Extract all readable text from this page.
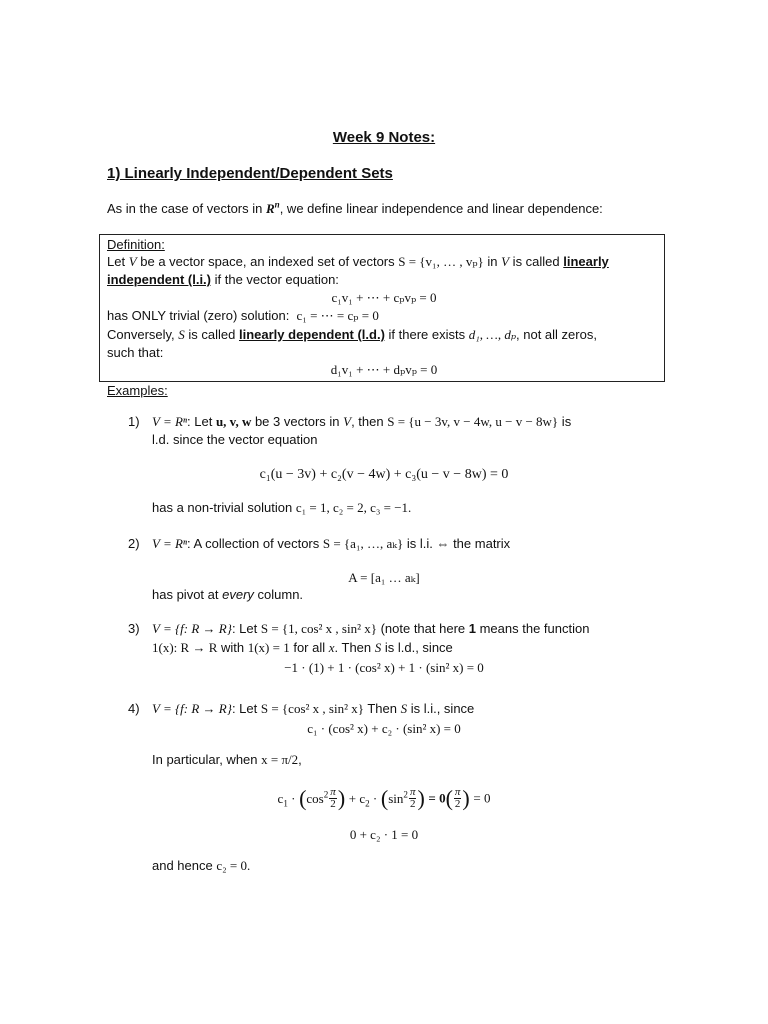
Week 9 Notes:
1) Linearly Independent/Dependent Sets
As in the case of vectors in $R^n$, we define linear independence and linear dependence:
Definition:
Let V be a vector space, an indexed set of vectors S = {v₁, … , vₚ} in V is called linearly
independent (l.i.) if the vector equation:
c₁v₁ + ⋯ + cₚvₚ = 0
has ONLY trivial (zero) solution: c₁ = ⋯ = cₚ = 0
Conversely, S is called linearly dependent (l.d.) if there exists d₁, …, dₚ, not all zeros,
such that:
d₁v₁ + ⋯ + dₚvₚ = 0
Examples:
1) V = Rⁿ: Let u, v, w be 3 vectors in V, then S = {u − 3v, v − 4w, u − v − 8w} is
l.d. since the vector equation
c₁(u − 3v) + c₂(v − 4w) + c₃(u − v − 8w) = 0
has a non-trivial solution c₁ = 1, c₂ = 2, c₃ = −1.
2) V = Rⁿ: A collection of vectors S = {a₁, …, aₖ} is l.i. ⇔ the matrix
A = [a₁ … aₖ]
has pivot at every column.
3) V = {f: R → R}: Let S = {1, cos² x , sin² x} (note that here 1 means the function
1(x): R → R with 1(x) = 1 for all x. Then S is l.d., since
−1 · (1) + 1 · (cos² x) + 1 · (sin² x) = 0
4) V = {f: R → R}: Let S = {cos² x , sin² x} Then S is l.i., since
c₁ · (cos² x) + c₂ · (sin² x) = 0
In particular, when x = π/2,
$c_1 \cdot (\cos^2 \frac{\pi}{2}$ ) + $c_2 \cdot (\sin^2 \frac{\pi}{2}$ ) = $0( \frac{\pi}{2}$ ) = 0
0 + c₂ · 1 = 0
and hence c₂ = 0.
